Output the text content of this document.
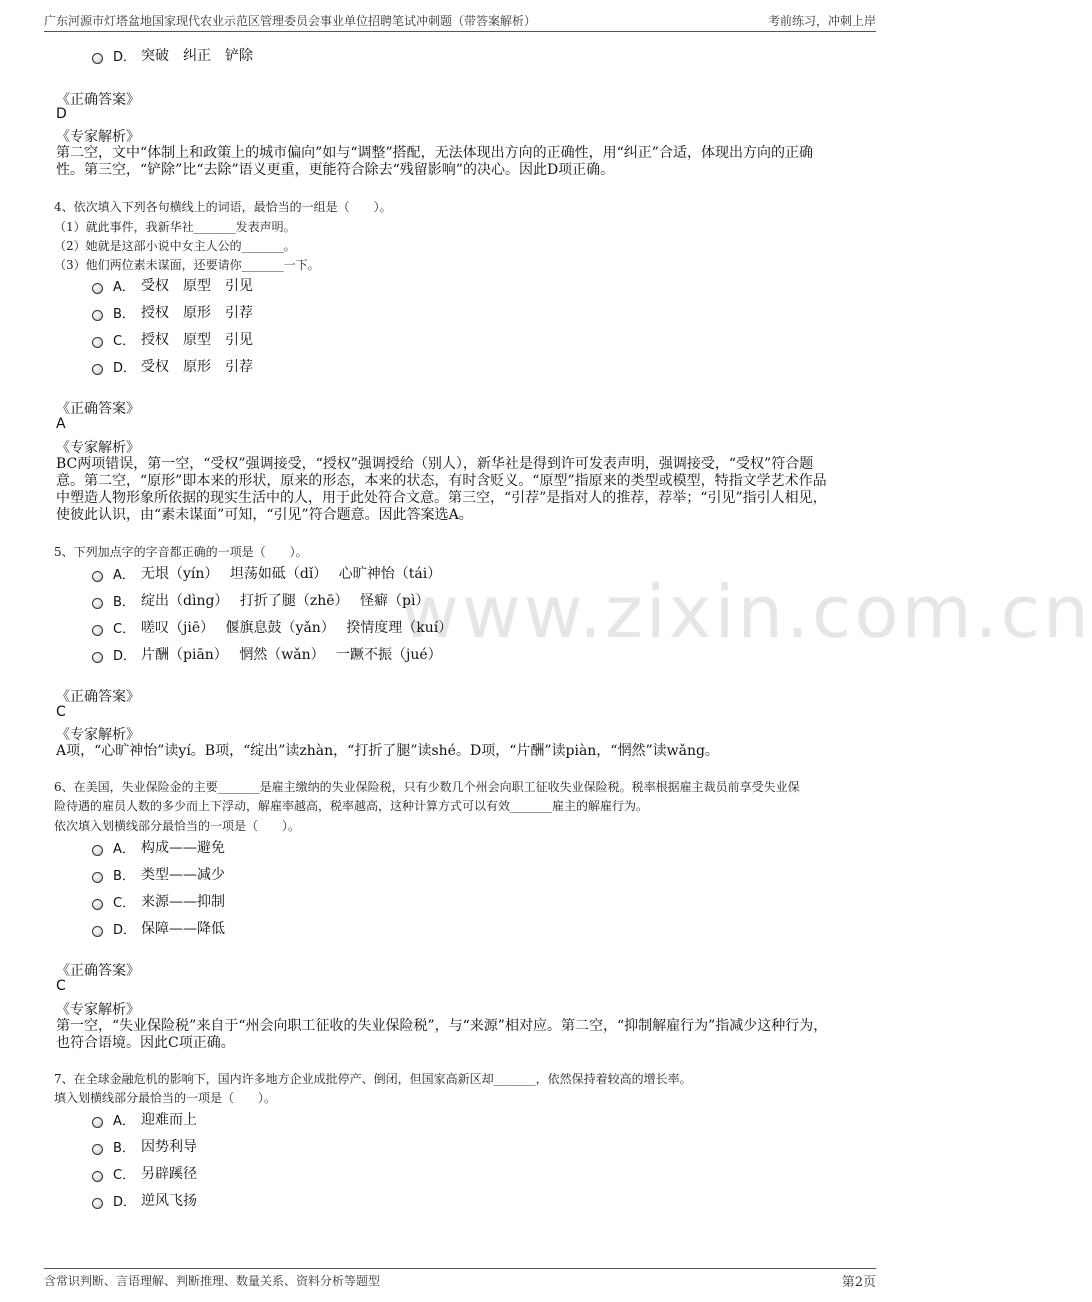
广东河源市灯塔盆地国家现代农业示范区管理委员会事业单位招聘笔试冲刺题（带答案解析）	考前练习，冲刺上岸
www.zixin.com.cn
D． 突破　纠正　铲除
《正确答案》
D
《专家解析》
第二空，文中“体制上和政策上的城市偏向”如与“调整”搭配，无法体现出方向的正确性，用“纠正”合适，体现出方向的正确
性。第三空，“铲除”比“去除”语义更重，更能符合除去“残留影响”的决心。因此D项正确。
4、依次填入下列各句横线上的词语，最恰当的一组是（　　）。
（1）就此事件，我新华社_______发表声明。
（2）她就是这部小说中女主人公的_______。
（3）他们两位素未谋面，还要请你_______一下。
A． 受权　原型　引见
B． 授权　原形　引荐
C． 授权　原型　引见
D． 受权　原形　引荐
《正确答案》
A
《专家解析》
BC两项错误，第一空，“受权”强调接受，“授权”强调授给（别人），新华社是得到许可发表声明，强调接受，“受权”符合题
意。第二空，“原形”即本来的形状，原来的形态，本来的状态，有时含贬义。“原型”指原来的类型或模型，特指文学艺术作品
中塑造人物形象所依据的现实生活中的人，用于此处符合文意。第三空，“引荐”是指对人的推荐，荐举；“引见”指引人相见，
使彼此认识，由“素未谋面”可知，“引见”符合题意。因此答案选A。
5、下列加点字的字音都正确的一项是（　　）。
A． 无垠（yín）　 坦荡如砥（dǐ）　 心旷神怡（tái）
B． 绽出（dìng）　 打折了腿（zhē）　 怪癖（pì）
C． 嗟叹（jiē）　 偃旗息鼓（yǎn）　 揆情度理（kuí）
D． 片酬（piān）　 惘然（wǎn）　 一蹶不振（jué）
《正确答案》
C
《专家解析》
A项，“心旷神怡”读yí。B项，“绽出”读zhàn，“打折了腿”读shé。D项，“片酬”读piàn，“惘然”读wǎng。
6、在美国，失业保险金的主要_______是雇主缴纳的失业保险税，只有少数几个州会向职工征收失业保险税。税率根据雇主裁员前享受失业保
险待遇的雇员人数的多少而上下浮动，解雇率越高，税率越高，这种计算方式可以有效_______雇主的解雇行为。
依次填入划横线部分最恰当的一项是（　　）。
A． 构成——避免
B． 类型——减少
C． 来源——抑制
D． 保障——降低
《正确答案》
C
《专家解析》
第一空，“失业保险税”来自于“州会向职工征收的失业保险税”，与“来源”相对应。第二空，“抑制解雇行为”指减少这种行为，
也符合语境。因此C项正确。
7、在全球金融危机的影响下，国内许多地方企业成批停产、倒闭，但国家高新区却_______，依然保持着较高的增长率。
填入划横线部分最恰当的一项是（　　）。
A． 迎难而上
B． 因势利导
C． 另辟蹊径
D． 逆风飞扬
含常识判断、言语理解、判断推理、数量关系、资料分析等题型	第2页
